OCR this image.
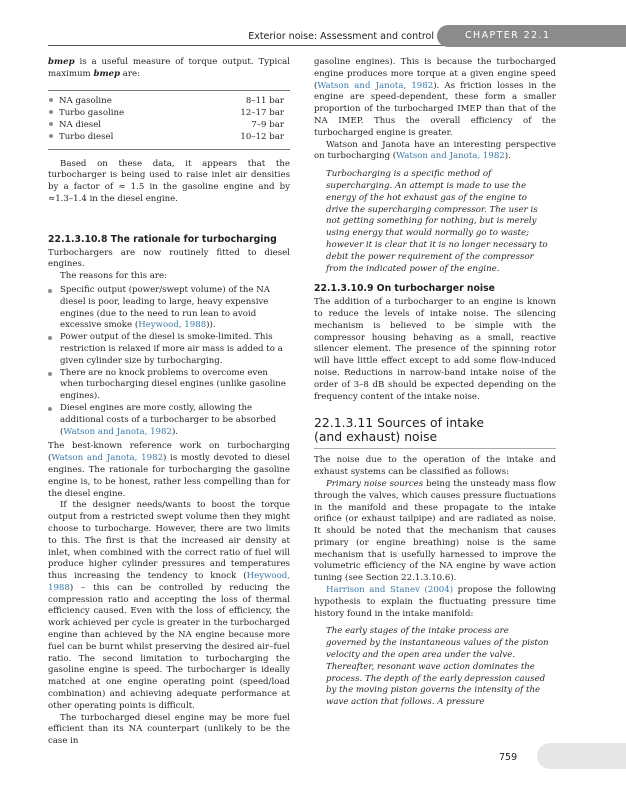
Exterior noise: Assessment and control	CHAPTER 22.1

bmep is a useful measure of torque output. Typical maximum bmep are:

NA gasoline	8–11 bar
Turbo gasoline	12–17 bar
NA diesel	7–9 bar
Turbo diesel	10–12 bar

Based on these data, it appears that the turbocharger is being used to raise inlet air densities by a factor of ≈ 1.5 in the gasoline engine and by ≈1.3–1.4 in the diesel engine.

22.1.3.10.8 The rationale for turbocharging

Turbochargers are now routinely fitted to diesel engines.

The reasons for this are:

Specific output (power/swept volume) of the NA diesel is poor, leading to large, heavy expensive engines (due to the need to run lean to avoid excessive smoke (Heywood, 1988)).
Power output of the diesel is smoke-limited. This restriction is relaxed if more air mass is added to a given cylinder size by turbocharging.
There are no knock problems to overcome even when turbocharging diesel engines (unlike gasoline engines).
Diesel engines are more costly, allowing the additional costs of a turbocharger to be absorbed (Watson and Janota, 1982).

The best-known reference work on turbocharging (Watson and Janota, 1982) is mostly devoted to diesel engines. The rationale for turbocharging the gasoline engine is, to be honest, rather less compelling than for the diesel engine.

If the designer needs/wants to boost the torque output from a restricted swept volume then they might choose to turbocharge. However, there are two limits to this. The first is that the increased air density at inlet, when combined with the correct ratio of fuel will produce higher cylinder pressures and temperatures thus increasing the tendency to knock (Heywood, 1988) – this can be controlled by reducing the compression ratio and accepting the loss of thermal efficiency caused. Even with the loss of efficiency, the work achieved per cycle is greater in the turbocharged engine than achieved by the NA engine because more fuel can be burnt whilst preserving the desired air–fuel ratio. The second limitation to turbocharging the gasoline engine is speed. The turbocharger is ideally matched at one engine operating point (speed/load combination) and achieving adequate performance at other operating points is difficult.

The turbocharged diesel engine may be more fuel efficient than its NA counterpart (unlikely to be the case in

gasoline engines). This is because the turbocharged engine produces more torque at a given engine speed (Watson and Janota, 1982). As friction losses in the engine are speed-dependent, these form a smaller proportion of the turbocharged IMEP than that of the NA IMEP. Thus the overall efficiency of the turbocharged engine is greater.

Watson and Janota have an interesting perspective on turbocharging (Watson and Janota, 1982).

Turbocharging is a specific method of supercharging. An attempt is made to use the energy of the hot exhaust gas of the engine to drive the supercharging compressor. The user is not getting something for nothing, but is merely using energy that would normally go to waste; however it is clear that it is no longer necessary to debit the power requirement of the compressor from the indicated power of the engine.

22.1.3.10.9 On turbocharger noise

The addition of a turbocharger to an engine is known to reduce the levels of intake noise. The silencing mechanism is believed to be simple with the compressor housing behaving as a small, reactive silencer element. The presence of the spinning rotor will have little effect except to add some flow-induced noise. Reductions in narrow-band intake noise of the order of 3–8 dB should be expected depending on the frequency content of the intake noise.

22.1.3.11 Sources of intake
(and exhaust) noise

The noise due to the operation of the intake and exhaust systems can be classified as follows:

Primary noise sources being the unsteady mass flow through the valves, which causes pressure fluctuations in the manifold and these propagate to the intake orifice (or exhaust tailpipe) and are radiated as noise. It should be noted that the mechanism that causes primary (or engine breathing) noise is the same mechanism that is usefully harnessed to improve the volumetric efficiency of the NA engine by wave action tuning (see Section 22.1.3.10.6).

Harrison and Stanev (2004) propose the following hypothesis to explain the fluctuating pressure time history found in the intake manifold:

The early stages of the intake process are governed by the instantaneous values of the piston velocity and the open area under the valve. Thereafter, resonant wave action dominates the process. The depth of the early depression caused by the moving piston governs the intensity of the wave action that follows. A pressure

759
